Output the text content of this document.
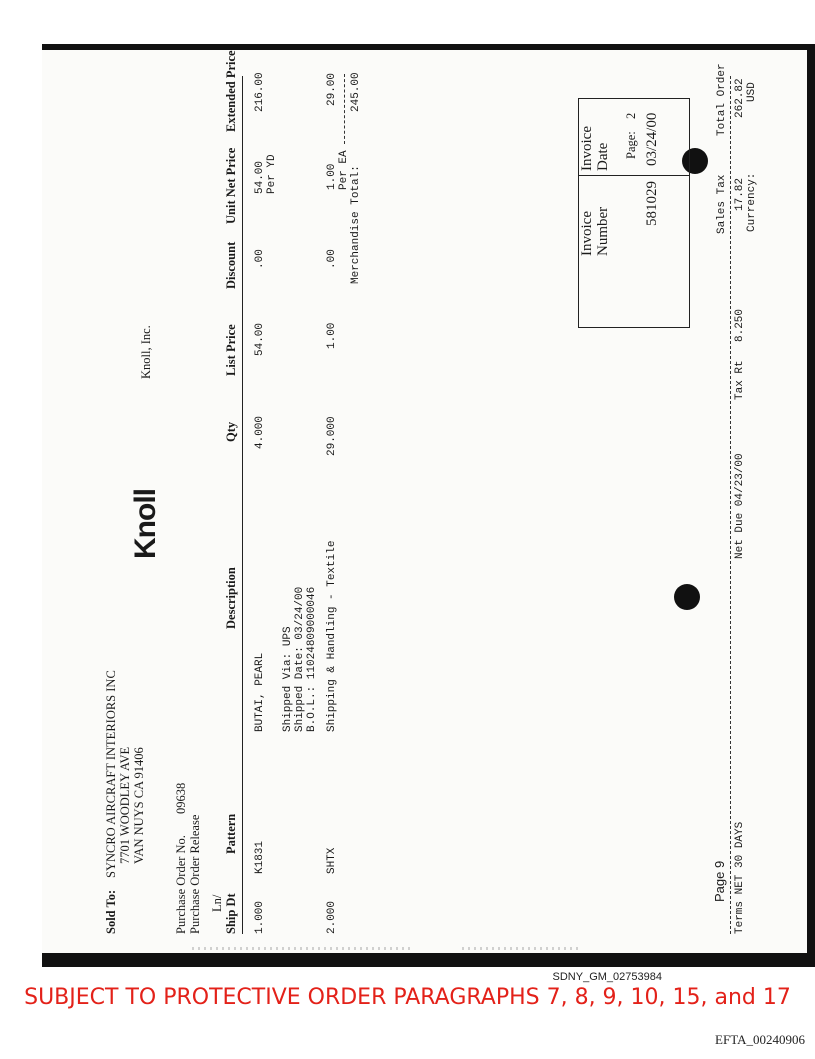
Sold To:
SYNCRO AIRCRAFT INTERIORS INC 7701 WOODLEY AVE VAN NUYS CA 91406
Knoll
Knoll, Inc.
Page:
2
Invoice Number
581029
Invoice Date 03/24/00
Purchase Order No.
09638
Purchase Order Release Ln/ Ship Dt
Pattern
Description
Qty
List Price
Discount
Unit Net Price
Extended Price
1.000
K1831
BUTAI, PEARL Shipped Via: UPS Shipped Date: 03/24/00 B.O.L.: 11024809000046
4.000
54.00
.00
54.00 Per YD
216.00
2.000
SHTX
Shipping & Handling - Textile
29.000
1.00
.00
1.00 Per EA
29.00
Merchandise Total:
245.00
Page 9
Sales Tax
Total Order
Terms NET 30 DAYS
Net Due 04/23/00
Tax Rt
8.250
17.82
262.82
Currency:
USD
SDNY_GM_02753984
SUBJECT TO PROTECTIVE ORDER PARAGRAPHS 7, 8, 9, 10, 15, and 17
EFTA_00240906
